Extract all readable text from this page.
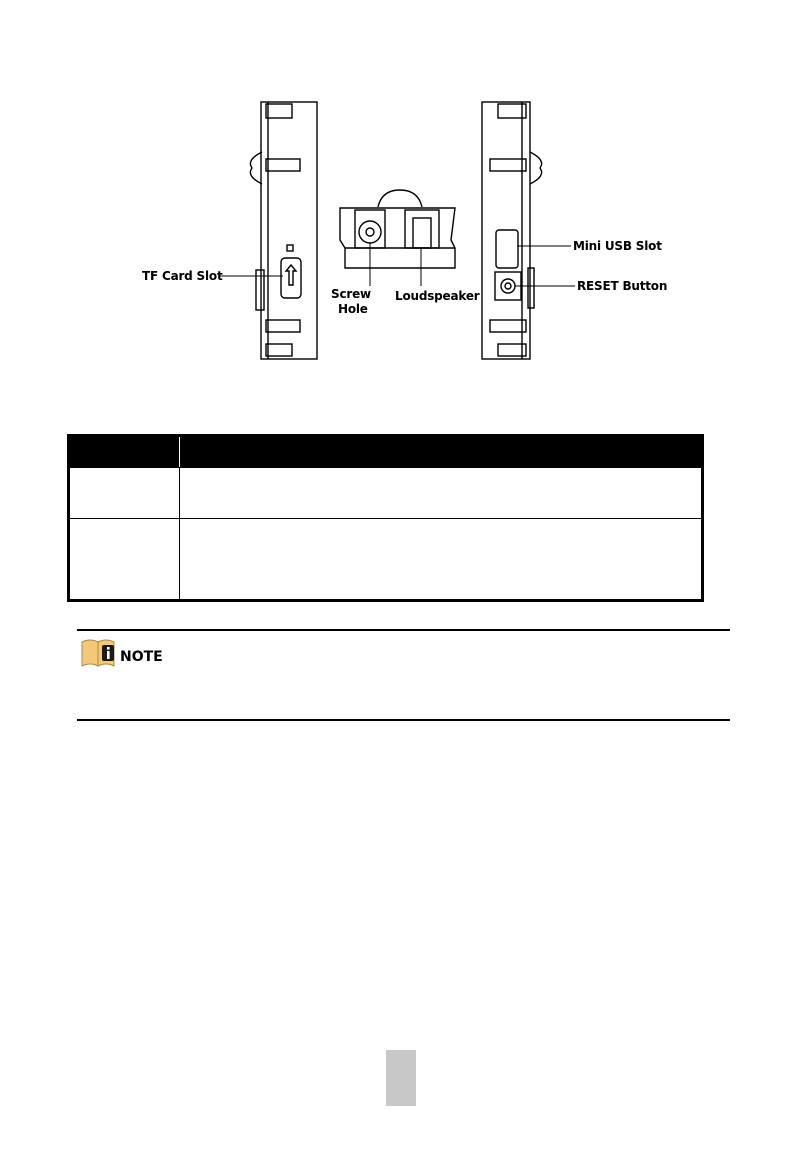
TF Card Slot
Screw
Hole
Loudspeaker
Mini USB Slot
RESET Button
NOTE
